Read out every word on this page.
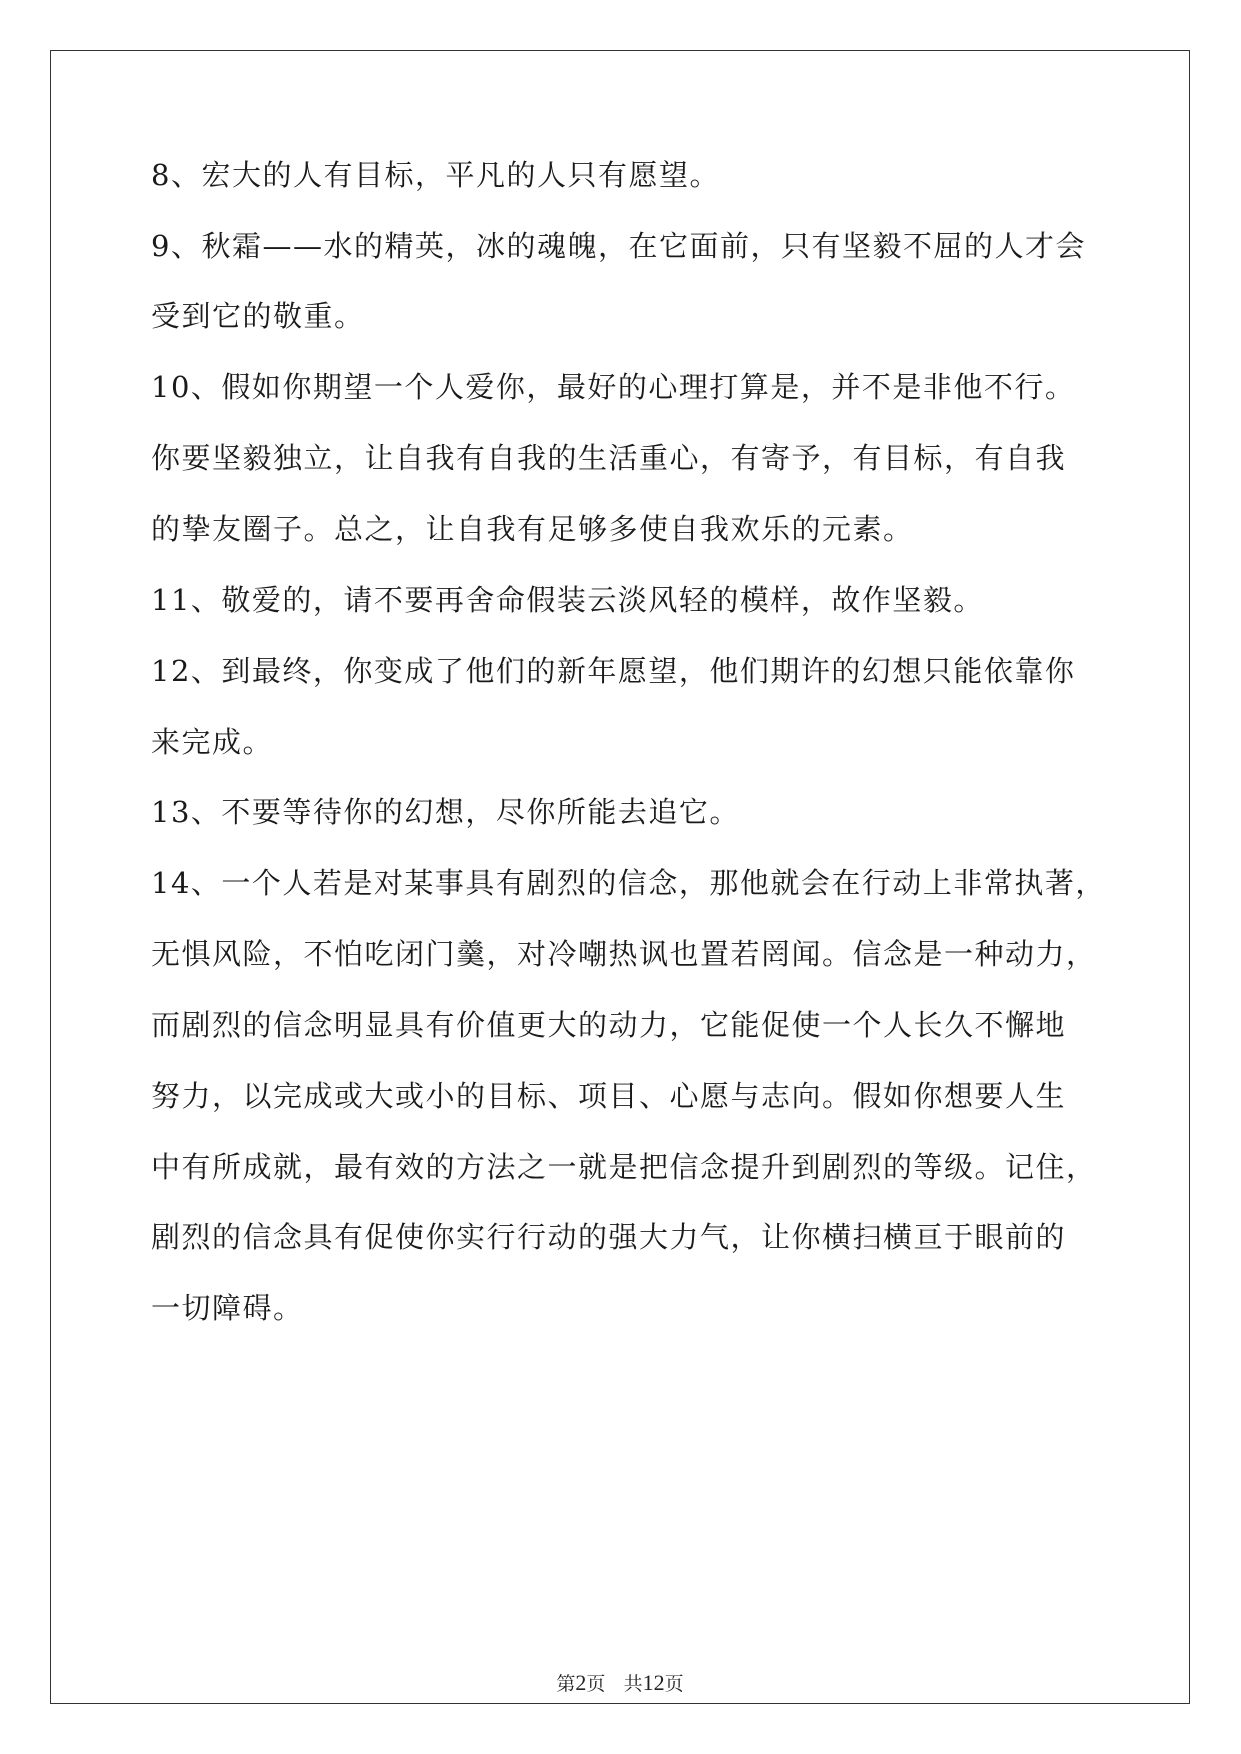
8、宏大的人有目标，平凡的人只有愿望。
9、秋霜——水的精英，冰的魂魄，在它面前，只有坚毅不屈的人才会
受到它的敬重。
10、假如你期望一个人爱你，最好的心理打算是，并不是非他不行。
你要坚毅独立，让自我有自我的生活重心，有寄予，有目标，有自我
的挚友圈子。总之，让自我有足够多使自我欢乐的元素。
11、敬爱的，请不要再舍命假装云淡风轻的模样，故作坚毅。
12、到最终，你变成了他们的新年愿望，他们期许的幻想只能依靠你
来完成。
13、不要等待你的幻想，尽你所能去追它。
14、一个人若是对某事具有剧烈的信念，那他就会在行动上非常执著，
无惧风险，不怕吃闭门羹，对冷嘲热讽也置若罔闻。信念是一种动力，
而剧烈的信念明显具有价值更大的动力，它能促使一个人长久不懈地
努力，以完成或大或小的目标、项目、心愿与志向。假如你想要人生
中有所成就，最有效的方法之一就是把信念提升到剧烈的等级。记住，
剧烈的信念具有促使你实行行动的强大力气，让你横扫横亘于眼前的
一切障碍。
第2页 共12页
